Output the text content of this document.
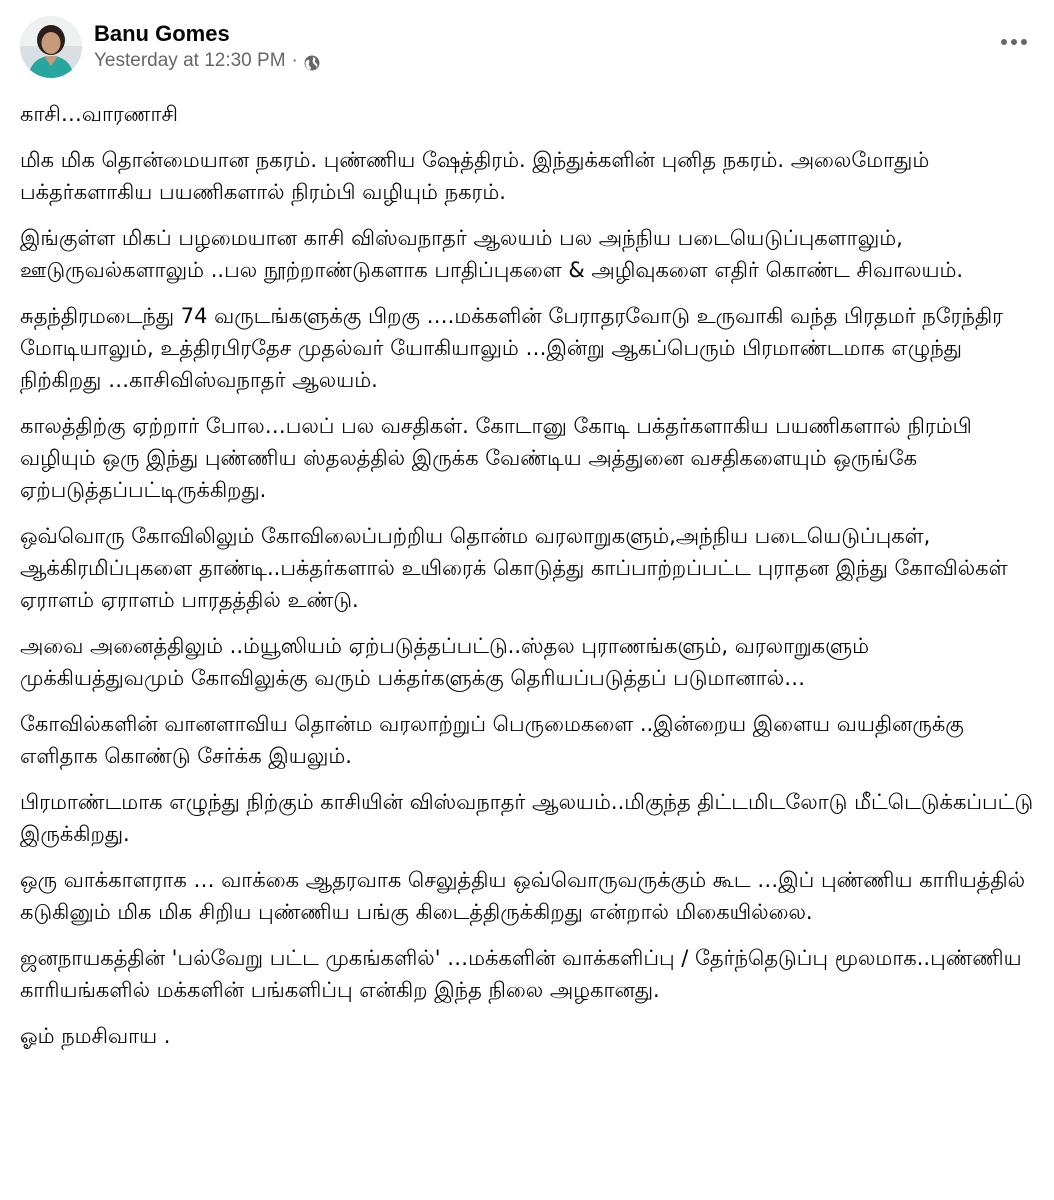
Banu Gomes
Yesterday at 12:30 PM ·

காசி…வாரணாசி

மிக மிக தொன்மையான நகரம். புண்ணிய ஷேத்திரம். இந்துக்களின் புனித நகரம். அலைமோதும் பக்தர்களாகிய பயணிகளால் நிரம்பி வழியும் நகரம்.

இங்குள்ள மிகப் பழமையான காசி விஸ்வநாதர் ஆலயம் பல அந்நிய படையெடுப்புகளாலும், ஊடுருவல்களாலும் ..பல நூற்றாண்டுகளாக பாதிப்புகளை & அழிவுகளை எதிர் கொண்ட சிவாலயம்.

சுதந்திரமடைந்து 74 வருடங்களுக்கு பிறகு ….மக்களின் பேராதரவோடு உருவாகி வந்த பிரதமர் நரேந்திர மோடியாலும், உத்திரபிரதேச முதல்வர் யோகியாலும் …இன்று ஆகப்பெரும் பிரமாண்டமாக எழுந்து நிற்கிறது …காசிவிஸ்வநாதர் ஆலயம்.

காலத்திற்கு ஏற்றார் போல…பலப் பல வசதிகள். கோடானு கோடி பக்தர்களாகிய பயணிகளால் நிரம்பி வழியும் ஒரு இந்து புண்ணிய ஸ்தலத்தில் இருக்க வேண்டிய அத்துனை வசதிகளையும் ஒருங்கே ஏற்படுத்தப்பட்டிருக்கிறது.

ஒவ்வொரு கோவிலிலும் கோவிலைப்பற்றிய தொன்ம வரலாறுகளும்,அந்நிய படையெடுப்புகள், ஆக்கிரமிப்புகளை தாண்டி..பக்தர்களால் உயிரைக் கொடுத்து காப்பாற்றப்பட்ட புராதன இந்து கோவில்கள் ஏராளம் ஏராளம் பாரதத்தில் உண்டு.

அவை அனைத்திலும் ..ம்யூஸியம் ஏற்படுத்தப்பட்டு..ஸ்தல புராணங்களும், வரலாறுகளும் முக்கியத்துவமும் கோவிலுக்கு வரும் பக்தர்களுக்கு தெரியப்படுத்தப் படுமானால்…

கோவில்களின் வானளாவிய தொன்ம வரலாற்றுப் பெருமைகளை ..இன்றைய இளைய வயதினருக்கு எளிதாக கொண்டு சேர்க்க இயலும்.

பிரமாண்டமாக எழுந்து நிற்கும் காசியின் விஸ்வநாதர் ஆலயம்..மிகுந்த திட்டமிடலோடு மீட்டெடுக்கப்பட்டு இருக்கிறது.

ஒரு வாக்காளராக … வாக்கை ஆதரவாக செலுத்திய ஒவ்வொருவருக்கும் கூட …இப் புண்ணிய காரியத்தில் கடுகினும் மிக மிக சிறிய புண்ணிய பங்கு கிடைத்திருக்கிறது என்றால் மிகையில்லை.

ஜனநாயகத்தின் 'பல்வேறு பட்ட முகங்களில்' …மக்களின் வாக்களிப்பு / தேர்ந்தெடுப்பு மூலமாக..புண்ணிய காரியங்களில் மக்களின் பங்களிப்பு என்கிற இந்த நிலை அழகானது.

ஓம் நமசிவாய .
